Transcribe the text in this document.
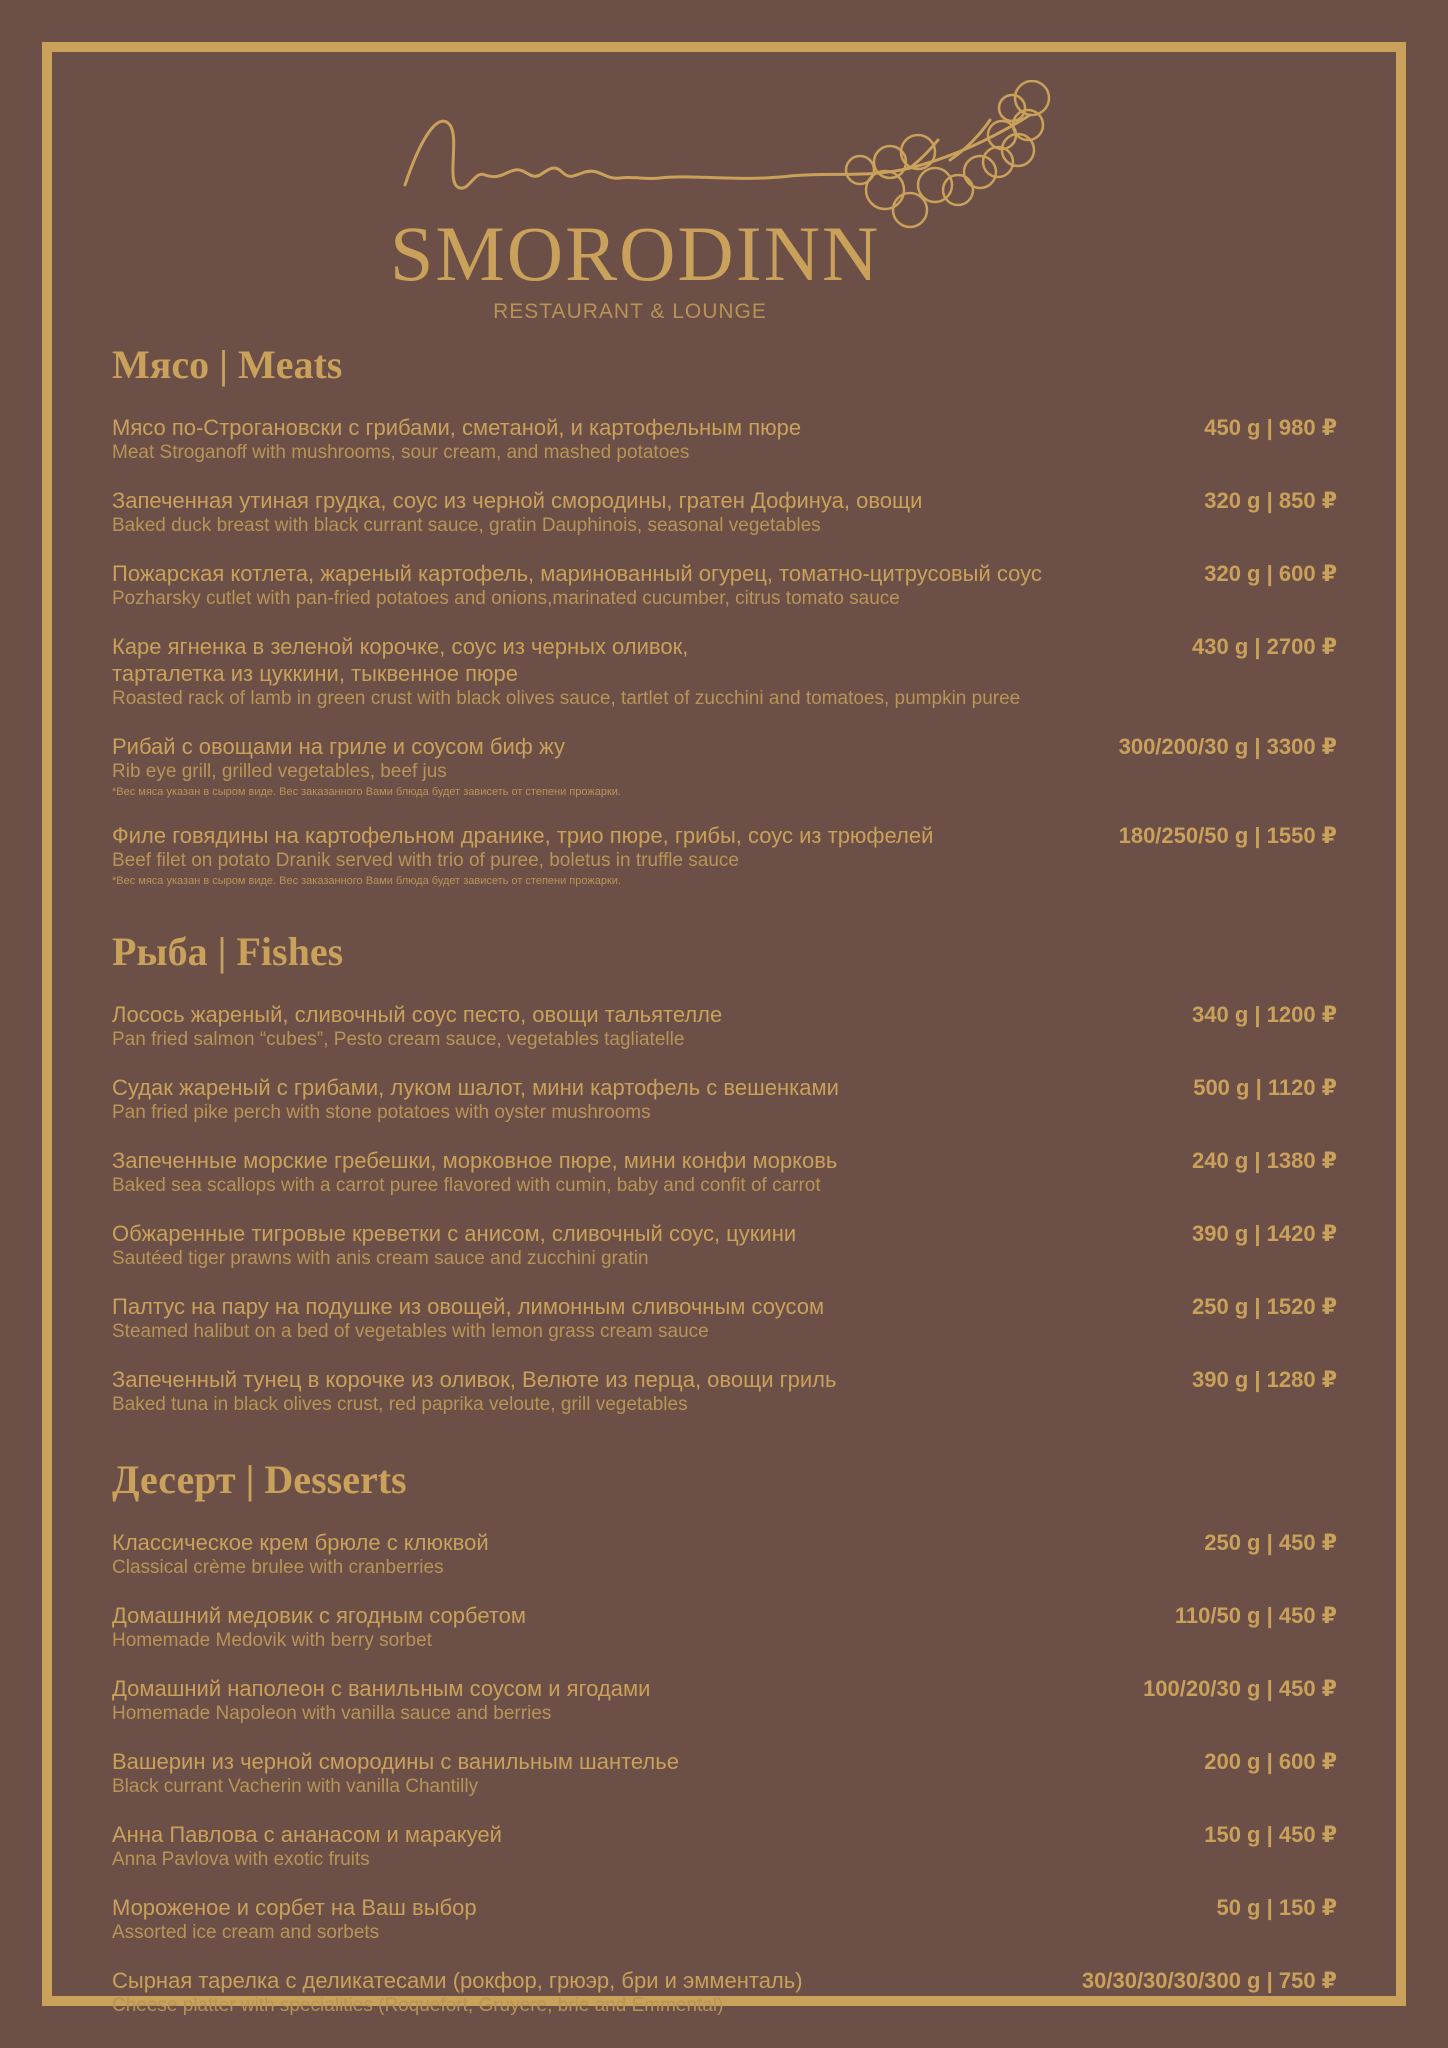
SMORODINN
RESTAURANT & LOUNGE
Мясо | Meats
Мясо по-Строгановски с грибами, сметаной, и картофельным пюре
Meat Stroganoff with mushrooms, sour cream, and mashed potatoes
450 g | 980 ₽
Запеченная утиная грудка, соус из черной смородины, гратен Дофинуа, овощи
Baked duck breast with black currant sauce, gratin Dauphinois, seasonal vegetables
320 g | 850 ₽
Пожарская котлета, жареный картофель, маринованный огурец, томатно-цитрусовый соус
Pozharsky cutlet with pan-fried potatoes and onions,marinated cucumber, citrus tomato sauce
320 g | 600 ₽
Каре ягненка в зеленой корочке, соус из черных оливок,
тарталетка из цуккини, тыквенное пюре
Roasted rack of lamb in green crust with black olives sauce, tartlet of zucchini and tomatoes, pumpkin puree
430 g | 2700 ₽
Рибай с овощами на гриле и соусом биф жу
Rib eye grill, grilled vegetables, beef jus
*Вес мяса указан в сыром виде. Вес заказанного Вами блюда будет зависеть от степени прожарки.
300/200/30 g | 3300 ₽
Филе говядины на картофельном дранике, трио пюре, грибы, соус из трюфелей
Beef filet on potato Dranik served with trio of puree, boletus in truffle sauce
*Вес мяса указан в сыром виде. Вес заказанного Вами блюда будет зависеть от степени прожарки.
180/250/50 g | 1550 ₽
Рыба | Fishes
Лосось жареный, сливочный соус песто, овощи тальятелле
Pan fried salmon “cubes”, Pesto cream sauce, vegetables tagliatelle
340 g | 1200 ₽
Судак жареный с грибами, луком шалот, мини картофель с вешенками
Pan fried pike perch with stone potatoes with oyster mushrooms
500 g | 1120 ₽
Запеченные морские гребешки, морковное пюре, мини конфи морковь
Baked sea scallops with a carrot puree flavored with cumin, baby and confit of carrot
240 g | 1380 ₽
Обжаренные тигровые креветки с анисом, сливочный соус, цукини
Sautéed tiger prawns with anis cream sauce and zucchini gratin
390 g | 1420 ₽
Палтус на пару на подушке из овощей, лимонным сливочным соусом
Steamed halibut on a bed of vegetables with lemon grass cream sauce
250 g | 1520 ₽
Запеченный тунец в корочке из оливок, Велюте из перца, овощи гриль
Baked tuna in black olives crust, red paprika veloute, grill vegetables
390 g | 1280 ₽
Десерт | Desserts
Классическое крем брюле с клюквой
Classical crème brulee with cranberries
250 g | 450 ₽
Домашний медовик с ягодным сорбетом
Homemade Medovik with berry sorbet
110/50 g | 450 ₽
Домашний наполеон с ванильным соусом и ягодами
Homemade Napoleon with vanilla sauce and berries
100/20/30 g | 450 ₽
Вашерин из черной смородины с ванильным шантелье
Black currant Vacherin with vanilla Chantilly
200 g | 600 ₽
Анна Павлова с ананасом и маракуей
Anna Pavlova with exotic fruits
150 g | 450 ₽
Мороженое и сорбет на Ваш выбор
Assorted ice cream and sorbets
50 g | 150 ₽
Сырная тарелка с деликатесами (рокфор, грюэр, бри и эмменталь)
Cheese platter with specialities (Roquefort, Gruyere, brie and Emmental)
30/30/30/30/300 g | 750 ₽
